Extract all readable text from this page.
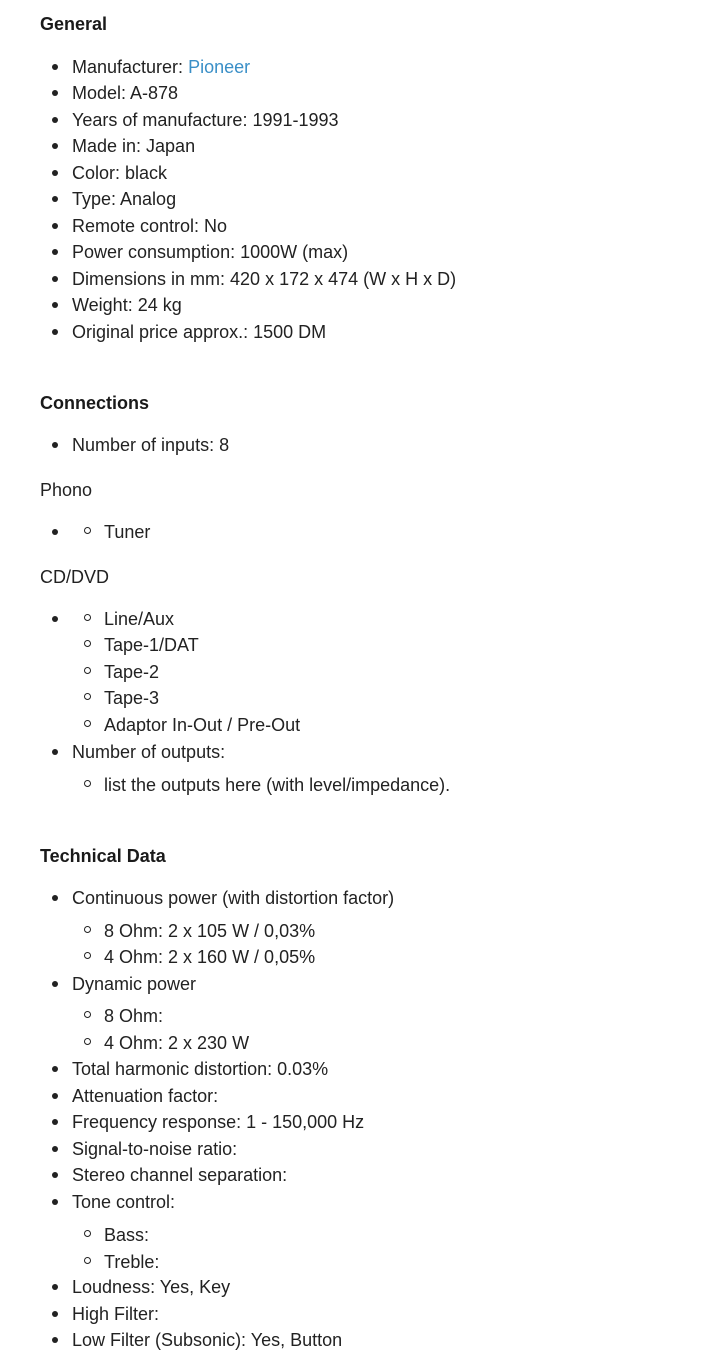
General
Manufacturer: Pioneer
Model: A-878
Years of manufacture: 1991-1993
Made in: Japan
Color: black
Type: Analog
Remote control: No
Power consumption: 1000W (max)
Dimensions in mm: 420 x 172 x 474 (W x H x D)
Weight: 24 kg
Original price approx.: 1500 DM
Connections
Number of inputs: 8
Phono
Tuner
CD/DVD
Line/Aux
Tape-1/DAT
Tape-2
Tape-3
Adaptor In-Out / Pre-Out
Number of outputs:
list the outputs here (with level/impedance).
Technical Data
Continuous power (with distortion factor)
8 Ohm: 2 x 105 W / 0,03%
4 Ohm: 2 x 160 W / 0,05%
Dynamic power
8 Ohm:
4 Ohm: 2 x 230 W
Total harmonic distortion: 0.03%
Attenuation factor:
Frequency response: 1 - 150,000 Hz
Signal-to-noise ratio:
Stereo channel separation:
Tone control:
Bass:
Treble:
Loudness: Yes, Key
High Filter:
Low Filter (Subsonic): Yes, Button
